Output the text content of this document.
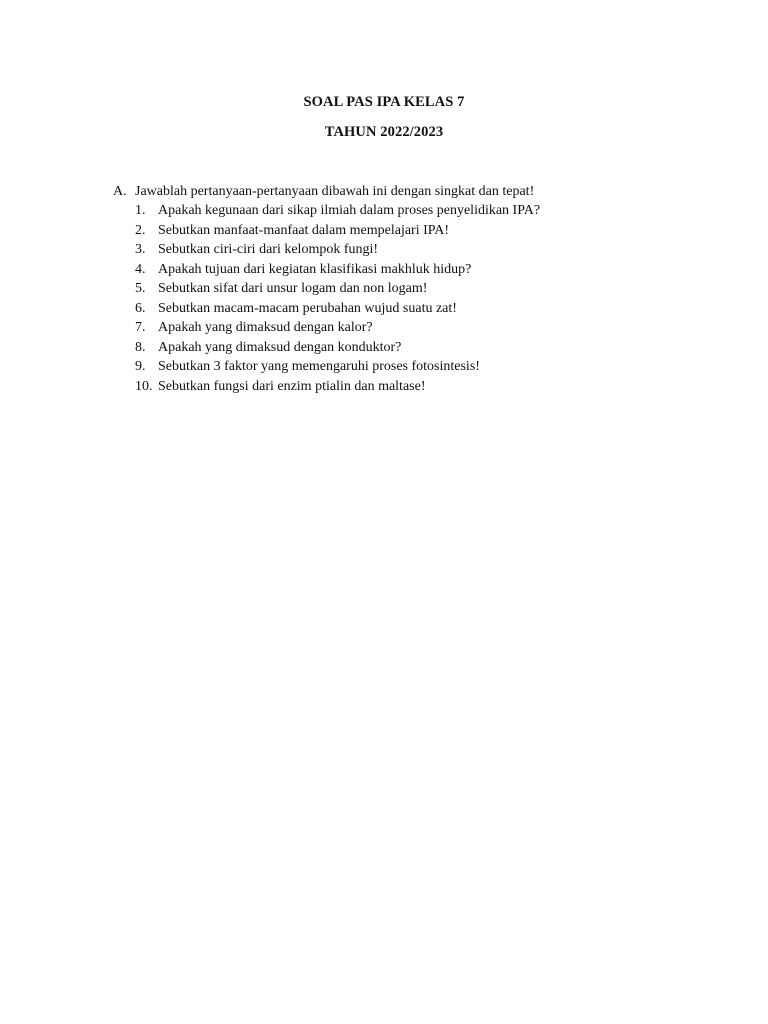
SOAL PAS IPA KELAS 7
TAHUN 2022/2023
A. Jawablah pertanyaan-pertanyaan dibawah ini dengan singkat dan tepat!
1. Apakah kegunaan dari sikap ilmiah dalam proses penyelidikan IPA?
2. Sebutkan manfaat-manfaat dalam mempelajari IPA!
3. Sebutkan ciri-ciri dari kelompok fungi!
4. Apakah tujuan dari kegiatan klasifikasi makhluk hidup?
5. Sebutkan sifat dari unsur logam dan non logam!
6. Sebutkan macam-macam perubahan wujud suatu zat!
7. Apakah yang dimaksud dengan kalor?
8. Apakah yang dimaksud dengan konduktor?
9. Sebutkan 3 faktor yang memengaruhi proses fotosintesis!
10. Sebutkan fungsi dari enzim ptialin dan maltase!
